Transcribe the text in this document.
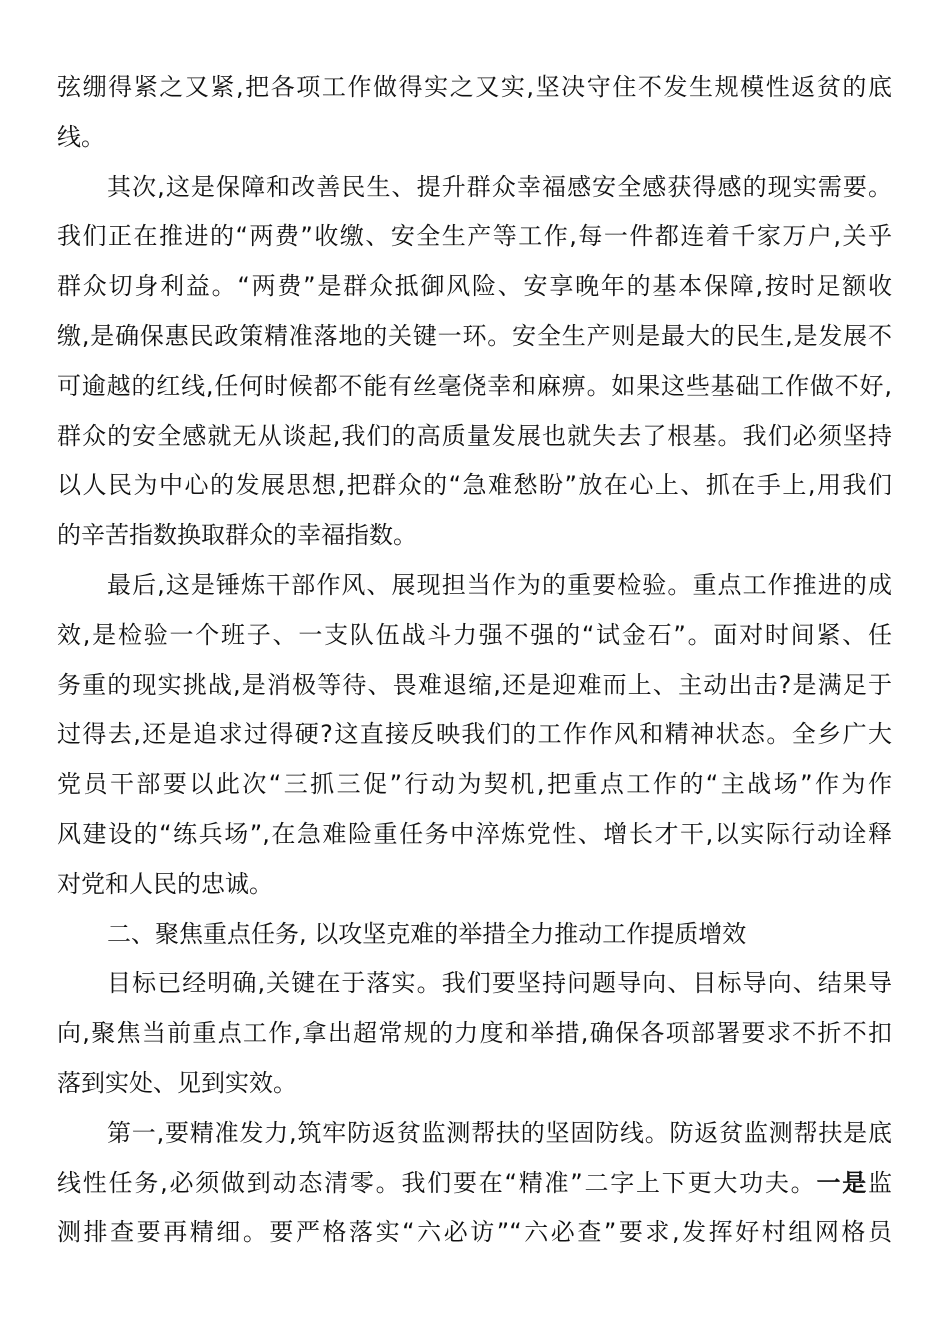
弦绷得紧之又紧,把各项工作做得实之又实,坚决守住不发生规模性返贫的底
线。
其次,这是保障和改善民生、提升群众幸福感安全感获得感的现实需要。
我们正在推进的“两费”收缴、安全生产等工作,每一件都连着千家万户,关乎
群众切身利益。“两费”是群众抵御风险、安享晚年的基本保障,按时足额收
缴,是确保惠民政策精准落地的关键一环。安全生产则是最大的民生,是发展不
可逾越的红线,任何时候都不能有丝毫侥幸和麻痹。如果这些基础工作做不好,
群众的安全感就无从谈起,我们的高质量发展也就失去了根基。我们必须坚持
以人民为中心的发展思想,把群众的“急难愁盼”放在心上、抓在手上,用我们
的辛苦指数换取群众的幸福指数。
最后,这是锤炼干部作风、展现担当作为的重要检验。重点工作推进的成
效,是检验一个班子、一支队伍战斗力强不强的“试金石”。面对时间紧、任
务重的现实挑战,是消极等待、畏难退缩,还是迎难而上、主动出击?是满足于
过得去,还是追求过得硬?这直接反映我们的工作作风和精神状态。全乡广大
党员干部要以此次“三抓三促”行动为契机,把重点工作的“主战场”作为作
风建设的“练兵场”,在急难险重任务中淬炼党性、增长才干,以实际行动诠释
对党和人民的忠诚。
二、聚焦重点任务, 以攻坚克难的举措全力推动工作提质增效
目标已经明确,关键在于落实。我们要坚持问题导向、目标导向、结果导
向,聚焦当前重点工作,拿出超常规的力度和举措,确保各项部署要求不折不扣
落到实处、见到实效。
第一,要精准发力,筑牢防返贫监测帮扶的坚固防线。防返贫监测帮扶是底
线性任务,必须做到动态清零。我们要在“精准”二字上下更大功夫。一是监
测排查要再精细。要严格落实“六必访”“六必查”要求,发挥好村组网格员
